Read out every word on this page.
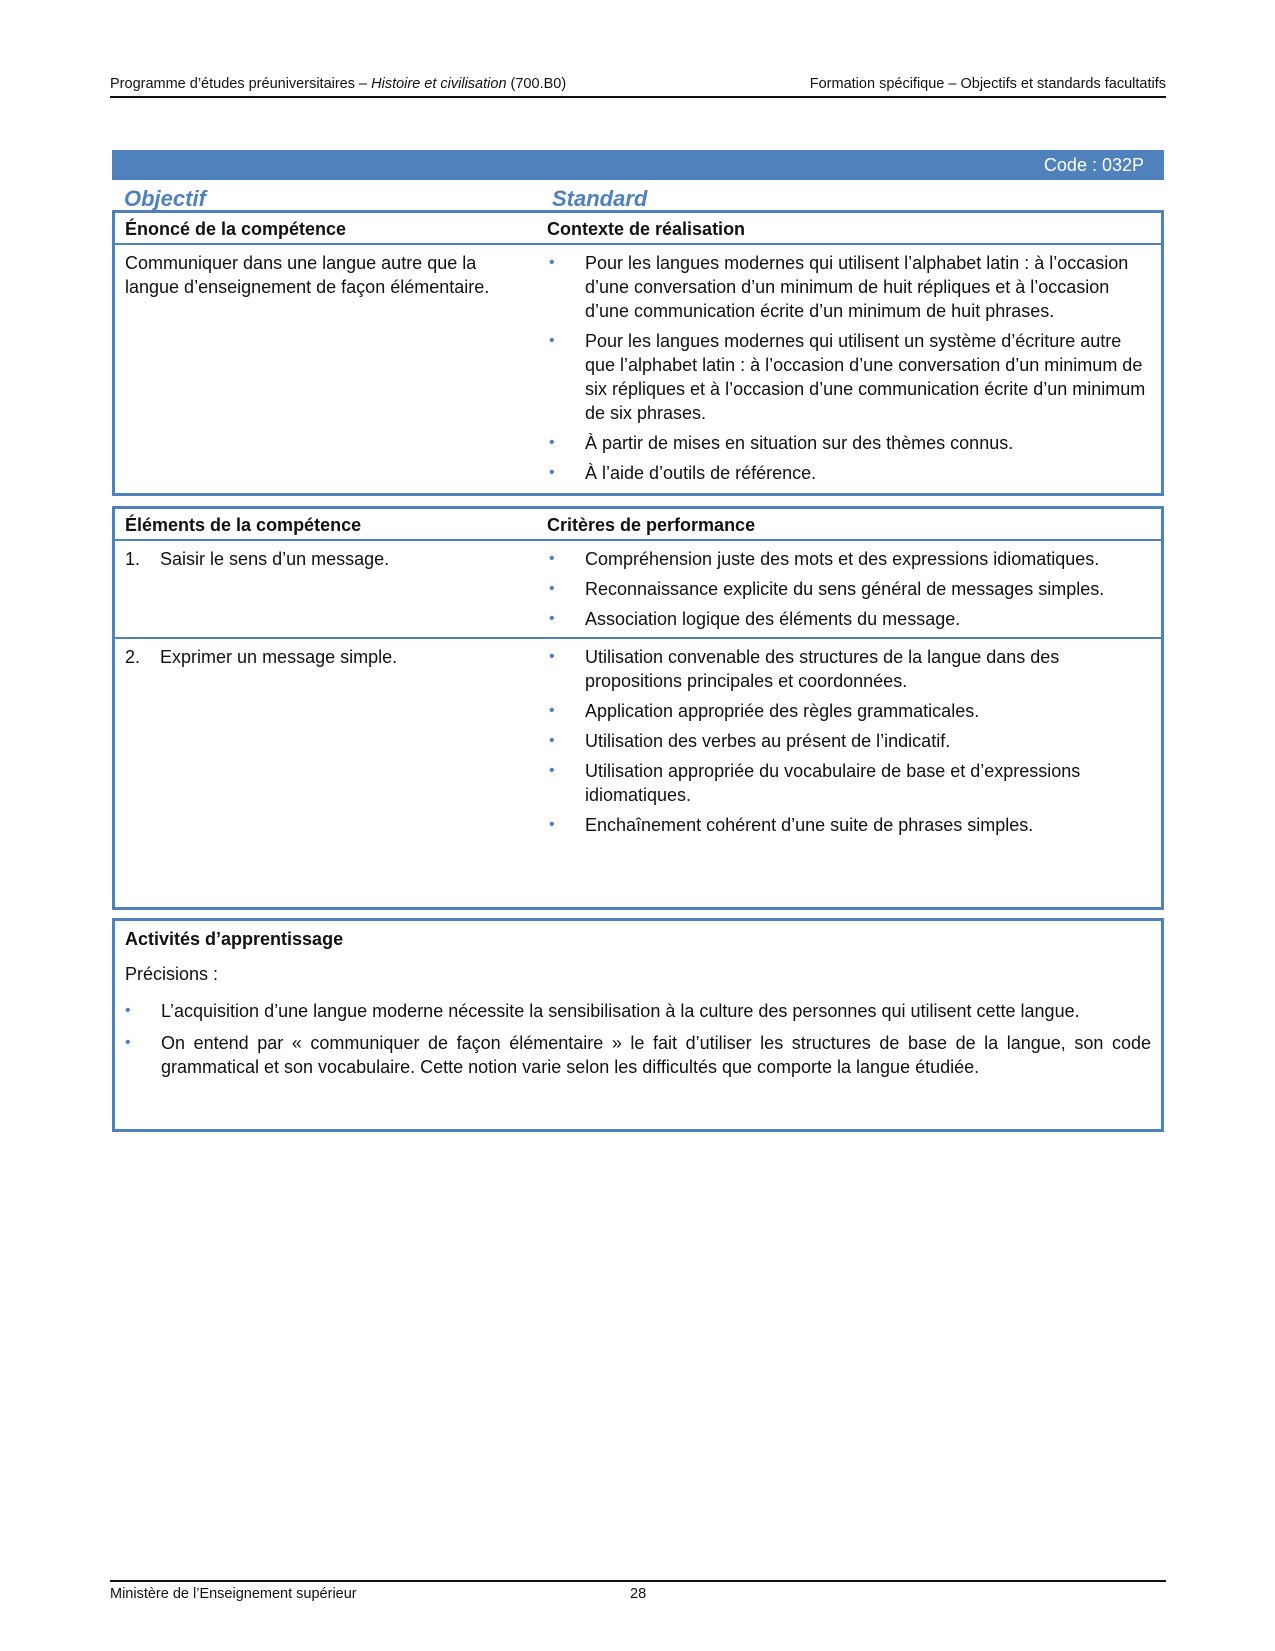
Programme d’études préuniversitaires – Histoire et civilisation (700.B0)	Formation spécifique – Objectifs et standards facultatifs
Code : 032P
Objectif	Standard
Énoncé de la compétence	Contexte de réalisation
Communiquer dans une langue autre que la langue d’enseignement de façon élémentaire.
• Pour les langues modernes qui utilisent l’alphabet latin : à l’occasion d’une conversation d’un minimum de huit répliques et à l’occasion d’une communication écrite d’un minimum de huit phrases.
• Pour les langues modernes qui utilisent un système d’écriture autre que l’alphabet latin : à l’occasion d’une conversation d’un minimum de six répliques et à l’occasion d’une communication écrite d’un minimum de six phrases.
• À partir de mises en situation sur des thèmes connus.
• À l’aide d’outils de référence.
Éléments de la compétence	Critères de performance
1. Saisir le sens d’un message.	• Compréhension juste des mots et des expressions idiomatiques.
• Reconnaissance explicite du sens général de messages simples.
• Association logique des éléments du message.
2. Exprimer un message simple.	• Utilisation convenable des structures de la langue dans des propositions principales et coordonnées.
• Application appropriée des règles grammaticales.
• Utilisation des verbes au présent de l’indicatif.
• Utilisation appropriée du vocabulaire de base et d’expressions idiomatiques.
• Enchaînement cohérent d’une suite de phrases simples.
Activités d’apprentissage
Précisions :
• L’acquisition d’une langue moderne nécessite la sensibilisation à la culture des personnes qui utilisent cette langue.
• On entend par « communiquer de façon élémentaire » le fait d’utiliser les structures de base de la langue, son code grammatical et son vocabulaire. Cette notion varie selon les difficultés que comporte la langue étudiée.
Ministère de l’Enseignement supérieur	28
